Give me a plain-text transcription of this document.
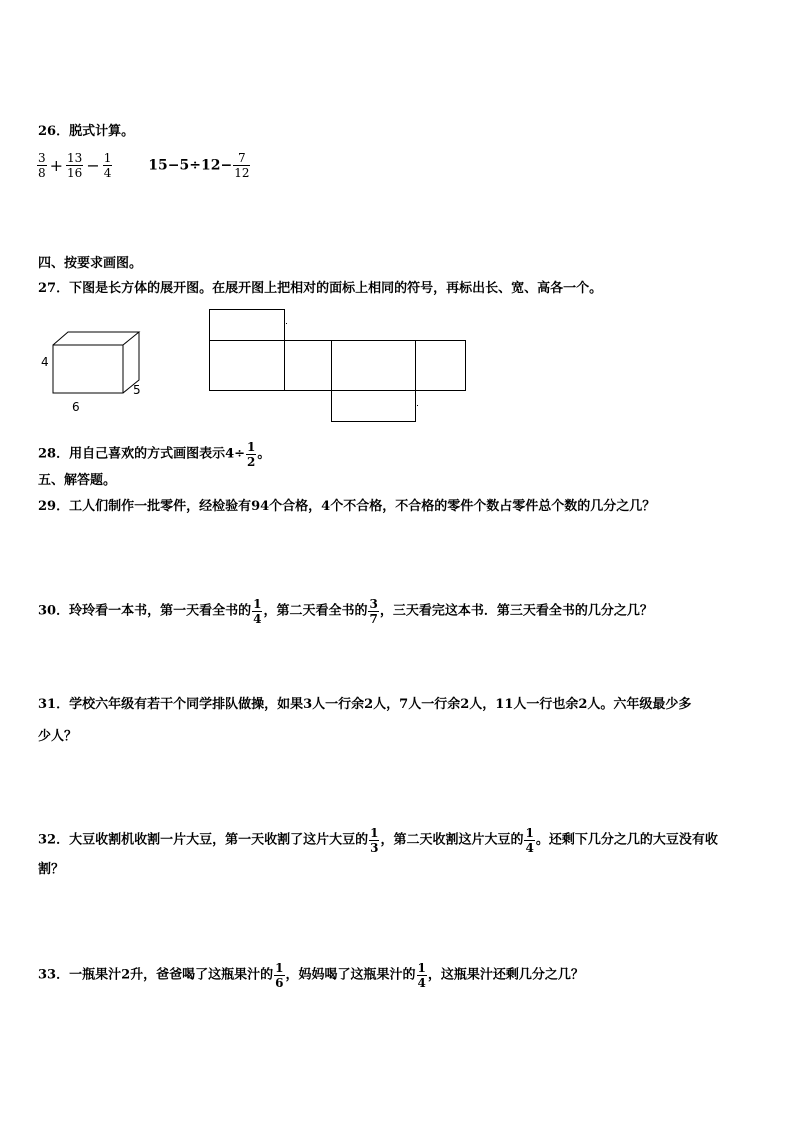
26．脱式计算。
$\frac{3}{8} + \frac{13}{16} - \frac{1}{4}$	$15-5\div 12- \frac{7}{12}$
四、按要求画图。
27．下图是长方体的展开图。在展开图上把相对的面标上相同的符号，再标出长、宽、高各一个。
4
5
6
28．用自己喜欢的方式画图表示$4\div \frac{1}{2}$ 。
五、解答题。
29．工人们制作一批零件，经检验有94个合格，4个不合格，不合格的零件个数占零件总个数的几分之几？
30．玲玲看一本书，第一天看全书的 $\frac{1}{4}$ ，第二天看全书的 $\frac{3}{7}$ ，三天看完这本书．第三天看全书的几分之几？
31．学校六年级有若干个同学排队做操，如果3人一行余2人，7人一行余2人，11人一行也余2人。六年级最少多
少人？
32．大豆收割机收割一片大豆，第一天收割了这片大豆的 $\frac{1}{3}$ ，第二天收割这片大豆的 $\frac{1}{4}$ 。还剩下几分之几的大豆没有收
割？
33．一瓶果汁2升，爸爸喝了这瓶果汁的 $\frac{1}{6}$ ，妈妈喝了这瓶果汁的 $\frac{1}{4}$ ，这瓶果汁还剩几分之几？
